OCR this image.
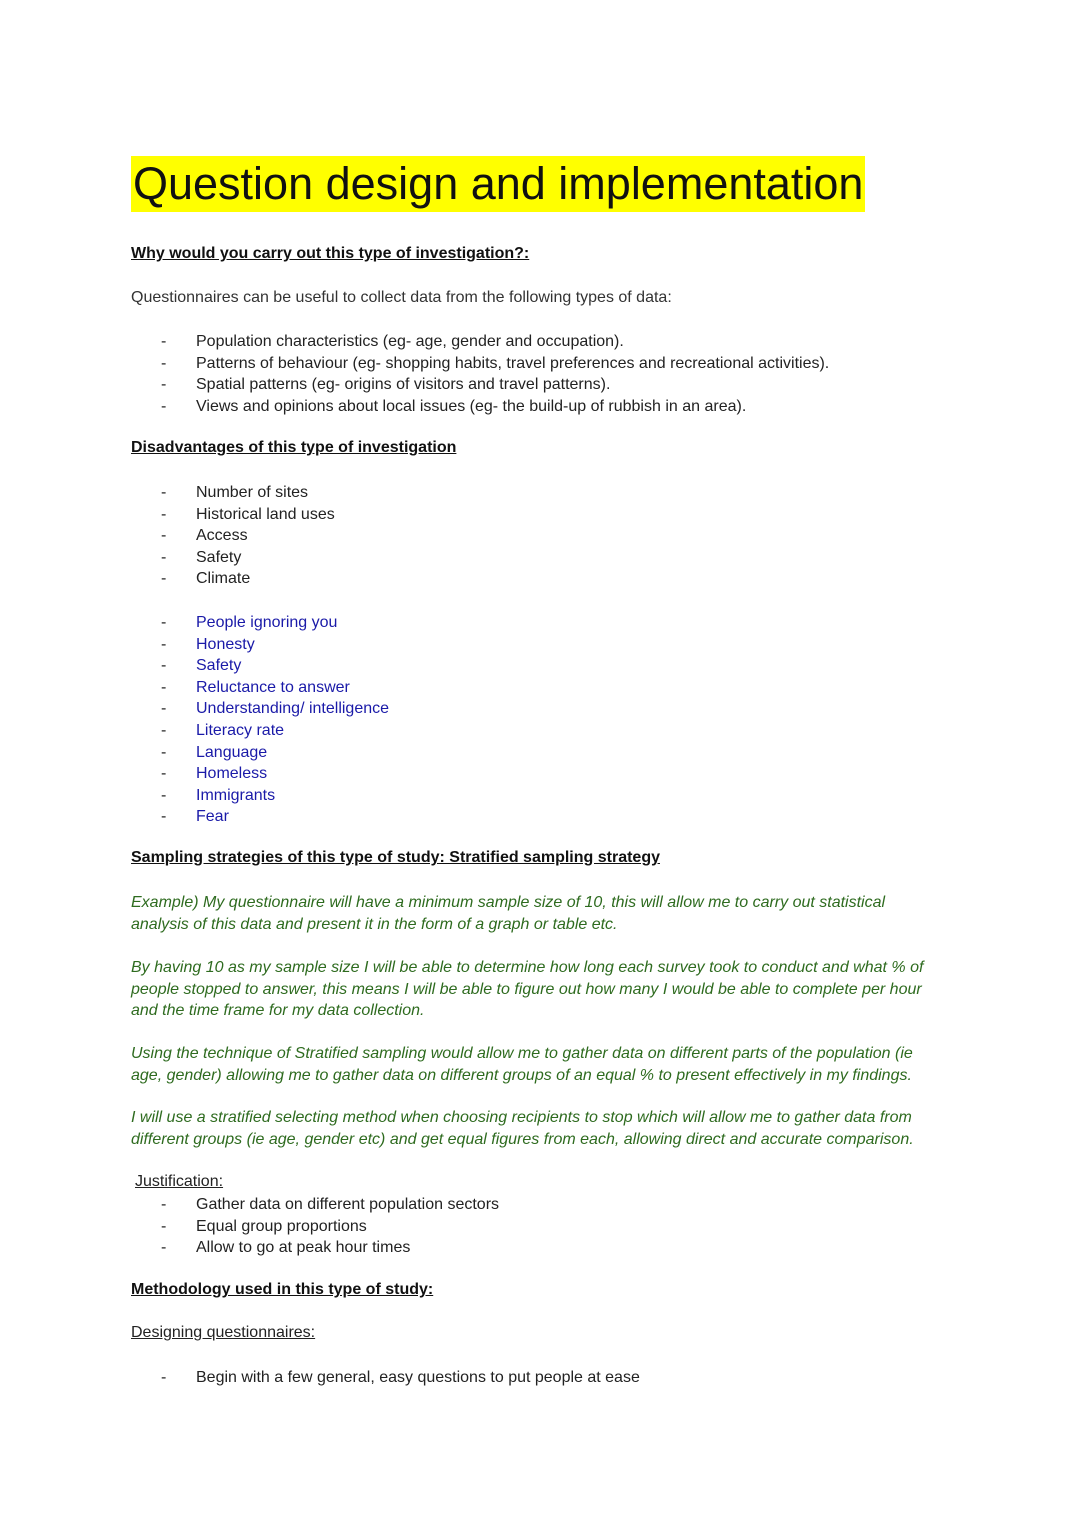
Question design and implementation
Why would you carry out this type of investigation?:
Questionnaires can be useful to collect data from the following types of data:
- Population characteristics (eg- age, gender and occupation).
- Patterns of behaviour (eg- shopping habits, travel preferences and recreational activities).
- Spatial patterns (eg- origins of visitors and travel patterns).
- Views and opinions about local issues (eg- the build-up of rubbish in an area).
Disadvantages of this type of investigation
- Number of sites
- Historical land uses
- Access
- Safety
- Climate
- People ignoring you
- Honesty
- Safety
- Reluctance to answer
- Understanding/ intelligence
- Literacy rate
- Language
- Homeless
- Immigrants
- Fear
Sampling strategies of this type of study: Stratified sampling strategy
Example) My questionnaire will have a minimum sample size of 10, this will allow me to carry out statistical
analysis of this data and present it in the form of a graph or table etc.
By having 10 as my sample size I will be able to determine how long each survey took to conduct and what % of
people stopped to answer, this means I will be able to figure out how many I would be able to complete per hour
and the time frame for my data collection.
Using the technique of Stratified sampling would allow me to gather data on different parts of the population (ie
age, gender) allowing me to gather data on different groups of an equal % to present effectively in my findings.
I will use a stratified selecting method when choosing recipients to stop which will allow me to gather data from
different groups (ie age, gender etc) and get equal figures from each, allowing direct and accurate comparison.
Justification:
- Gather data on different population sectors
- Equal group proportions
- Allow to go at peak hour times
Methodology used in this type of study:
Designing questionnaires:
- Begin with a few general, easy questions to put people at ease
